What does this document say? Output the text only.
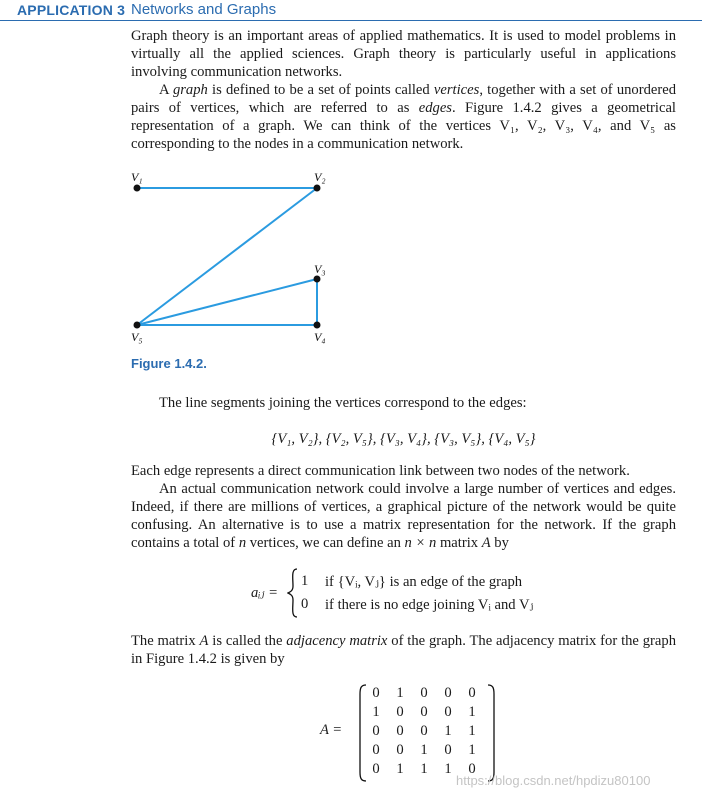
APPLICATION 3 Networks and Graphs

Graph theory is an important areas of applied mathematics. It is used to model problems in virtually all the applied sciences. Graph theory is particularly useful in applications involving communication networks.

A graph is defined to be a set of points called vertices, together with a set of unordered pairs of vertices, which are referred to as edges. Figure 1.4.2 gives a geometrical representation of a graph. We can think of the vertices V₁, V₂, V₃, V₄, and V₅ as corresponding to the nodes in a communication network.

V₁	V₂
V₃
V₄
V₅
Figure 1.4.2.

The line segments joining the vertices correspond to the edges:

{V₁, V₂}, {V₂, V₅}, {V₃, V₄}, {V₃, V₅}, {V₄, V₅}

Each edge represents a direct communication link between two nodes of the network.

An actual communication network could involve a large number of vertices and edges. Indeed, if there are millions of vertices, a graphical picture of the network would be quite confusing. An alternative is to use a matrix representation for the network. If the graph contains a total of n vertices, we can define an n × n matrix A by

aᵢⱼ =
1 if {Vᵢ, Vⱼ} is an edge of the graph
0 if there is no edge joining Vᵢ and Vⱼ

The matrix A is called the adjacency matrix of the graph. The adjacency matrix for the graph in Figure 1.4.2 is given by

A =
0 1 0 0 0
1 0 0 0 1
0 0 0 1 1
0 0 1 0 1
0 1 1 1 0
https://blog.csdn.net/hpdizu80100
